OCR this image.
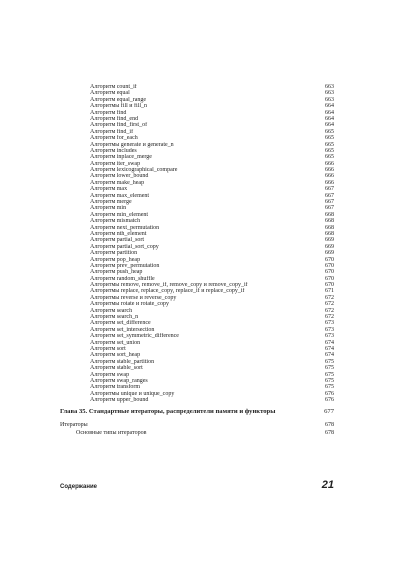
Алгоритм count_if	663
Алгоритм equal	663
Алгоритм equal_range	663
Алгоритмы fill и fill_n	664
Алгоритм find	664
Алгоритм find_end	664
Алгоритм find_first_of	664
Алгоритм find_if	665
Алгоритм for_each	665
Алгоритмы generate и generate_n	665
Алгоритм includes	665
Алгоритм inplace_merge	665
Алгоритм iter_swap	666
Алгоритм lexicographical_compare	666
Алгоритм lower_bound	666
Алгоритм make_heap	666
Алгоритм max	667
Алгоритм max_element	667
Алгоритм merge	667
Алгоритм min	667
Алгоритм min_element	668
Алгоритм mismatch	668
Алгоритм next_permutation	668
Алгоритм nth_element	668
Алгоритм partial_sort	669
Алгоритм partial_sort_copy	669
Алгоритм partition	669
Алгоритм pop_heap	670
Алгоритм prev_permutation	670
Алгоритм push_heap	670
Алгоритм random_shuffle	670
Алгоритмы remove, remove_if, remove_copy и remove_copy_if	670
Алгоритмы replace, replace_copy, replace_if и replace_copy_if	671
Алгоритмы reverse и reverse_copy	672
Алгоритмы rotate и rotate_copy	672
Алгоритм search	672
Алгоритм search_n	672
Алгоритм set_difference	673
Алгоритм set_intersection	673
Алгоритм set_symmetric_difference	673
Алгоритм set_union	674
Алгоритм sort	674
Алгоритм sort_heap	674
Алгоритм stable_partition	675
Алгоритм stable_sort	675
Алгоритм swap	675
Алгоритм swap_ranges	675
Алгоритм transform	675
Алгоритмы unique и unique_copy	676
Алгоритм upper_bound	676
Глава 35. Стандартные итераторы, распределители памяти и функторы	677
Итераторы	678
Основные типы итераторов	678
Содержание	21
